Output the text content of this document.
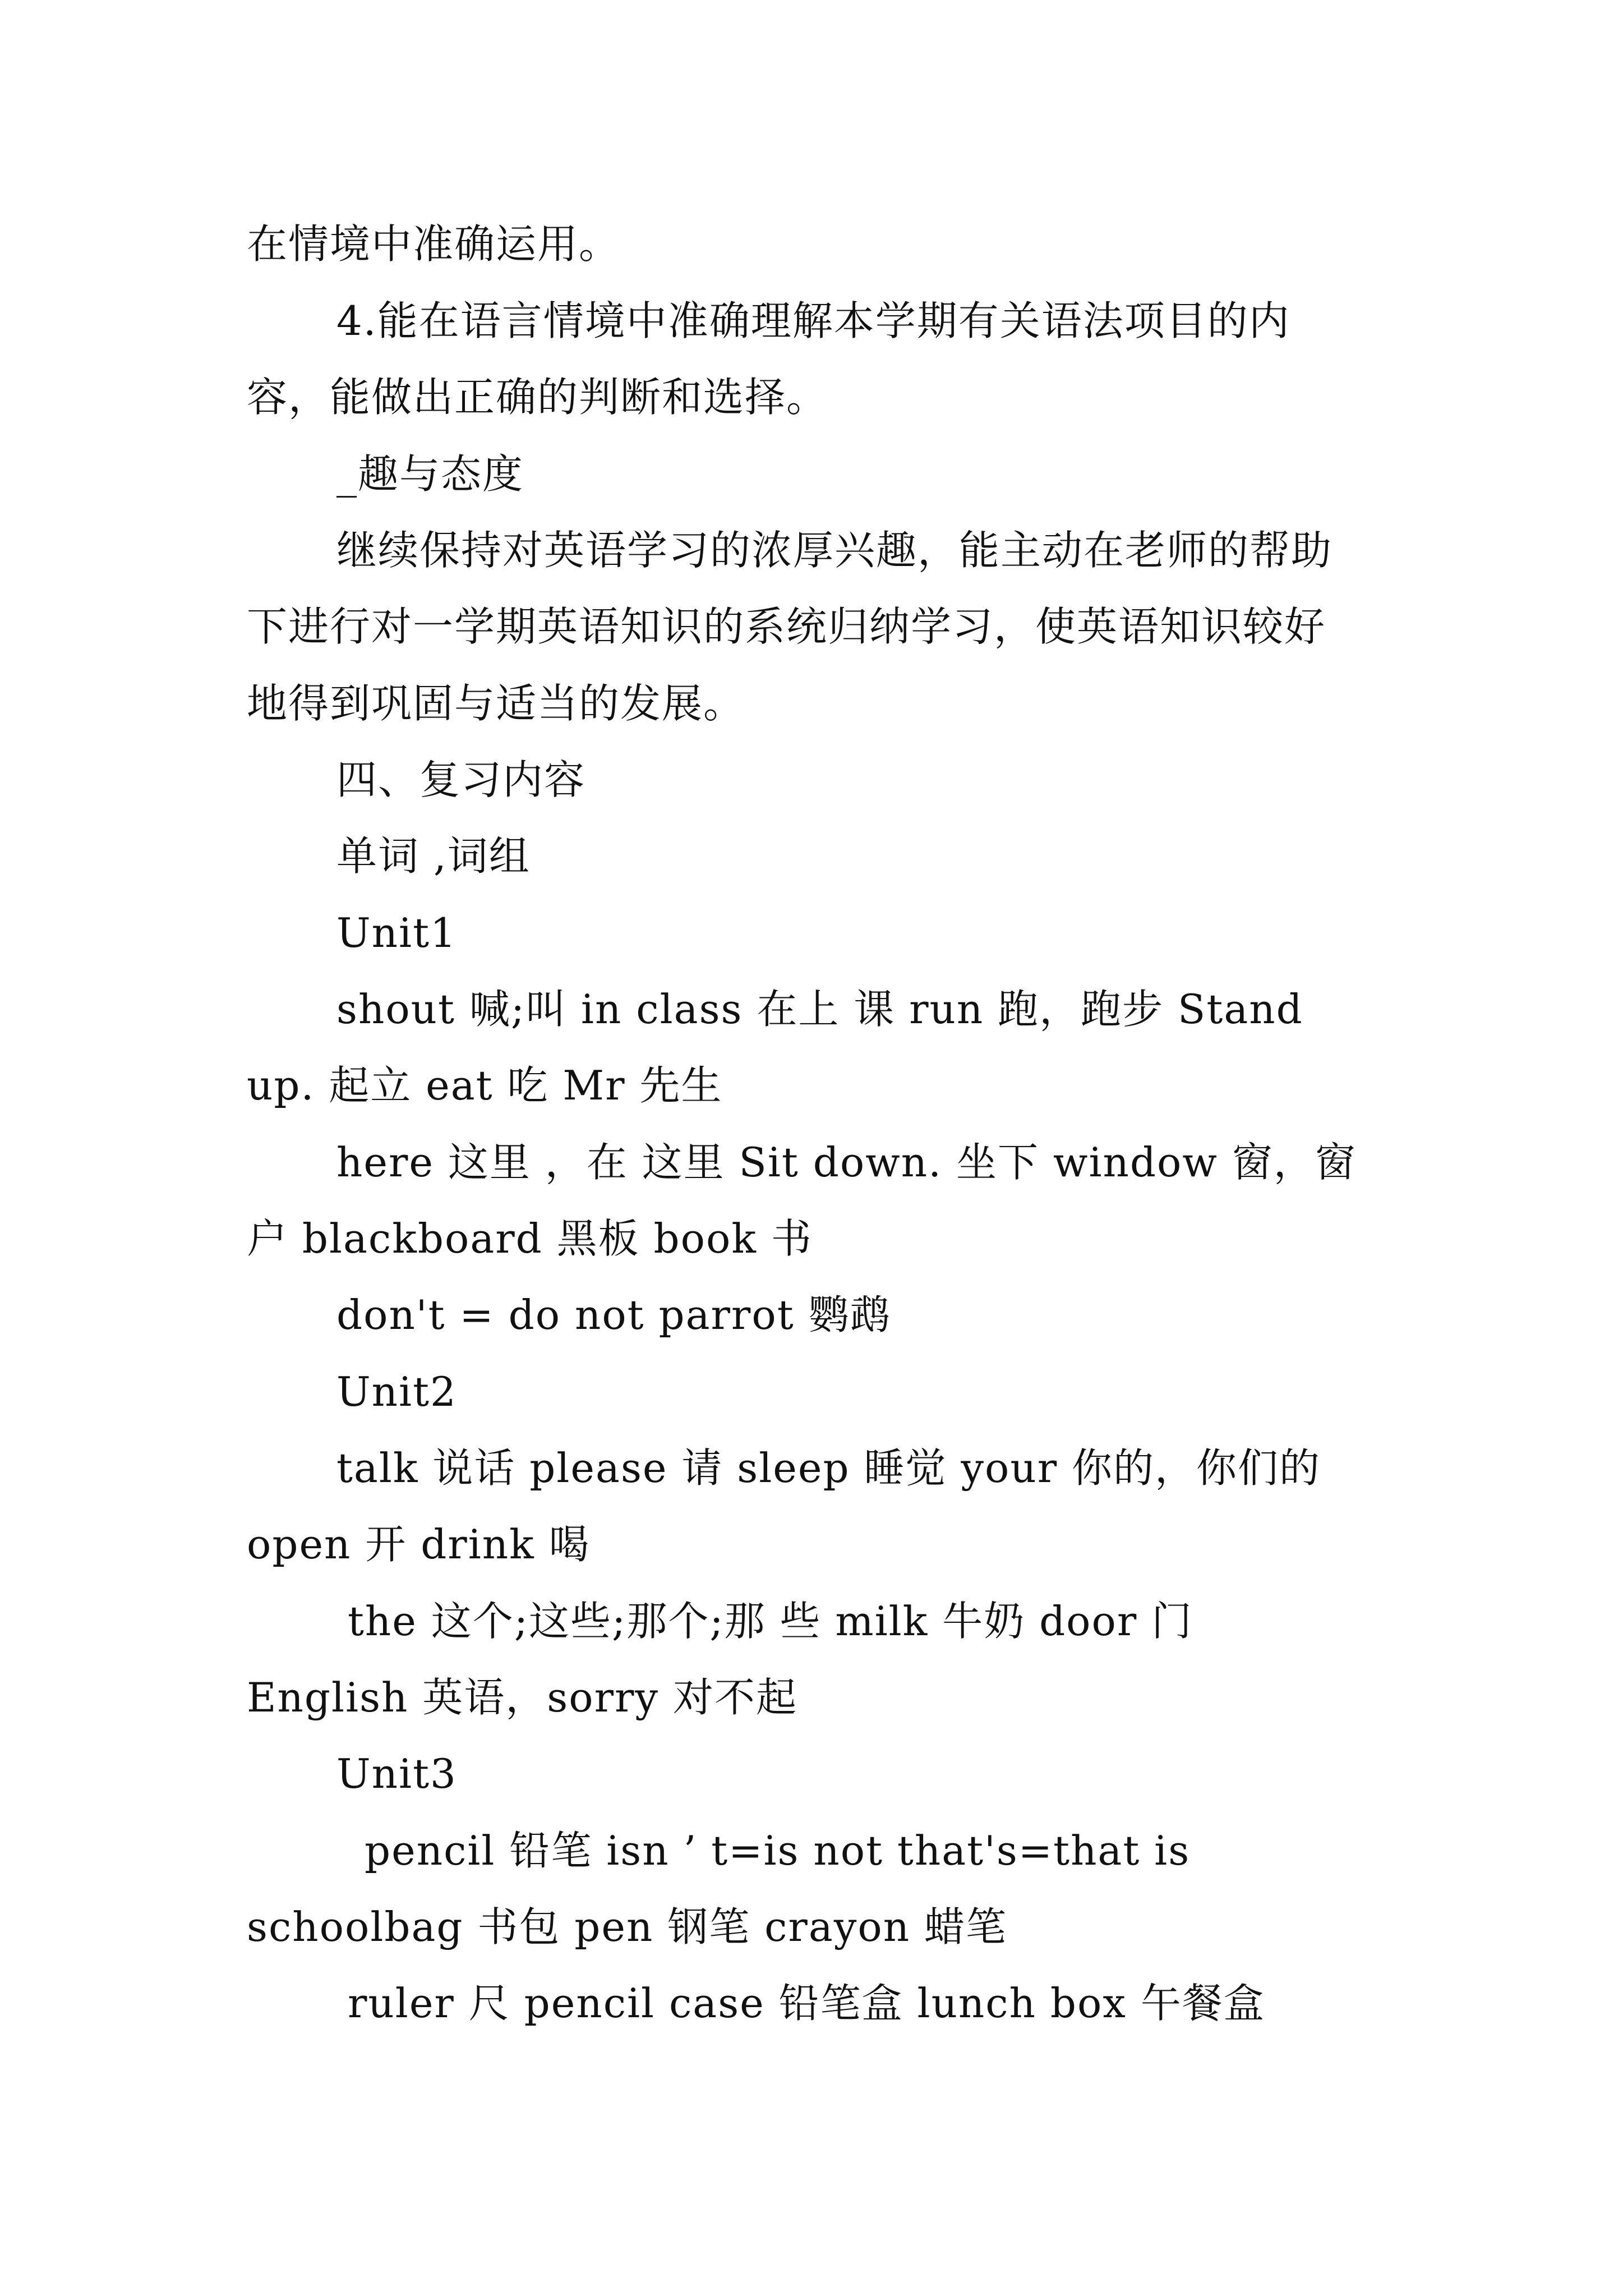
在情境中准确运用。
4.能在语言情境中准确理解本学期有关语法项目的内
容，能做出正确的判断和选择。
_趣与态度
继续保持对英语学习的浓厚兴趣，能主动在老师的帮助
下进行对一学期英语知识的系统归纳学习，使英语知识较好
地得到巩固与适当的发展。
四、复习内容
单词 ,词组
Unit1
shout 喊;叫 in class 在上 课 run 跑，跑步 Stand
up. 起立 eat 吃 Mr 先生
here 这里 ，在 这里 Sit down. 坐下 window 窗，窗
户 blackboard 黑板 book 书
don't = do not parrot 鹦鹉
Unit2
talk 说话 please 请 sleep 睡觉 your 你的，你们的
open 开 drink 喝
the 这个;这些;那个;那 些 milk 牛奶 door 门
English 英语，sorry 对不起
Unit3
pencil 铅笔 isn ’ t=is not that's=that is
schoolbag 书包 pen 钢笔 crayon 蜡笔
ruler 尺 pencil case 铅笔盒 lunch box 午餐盒
